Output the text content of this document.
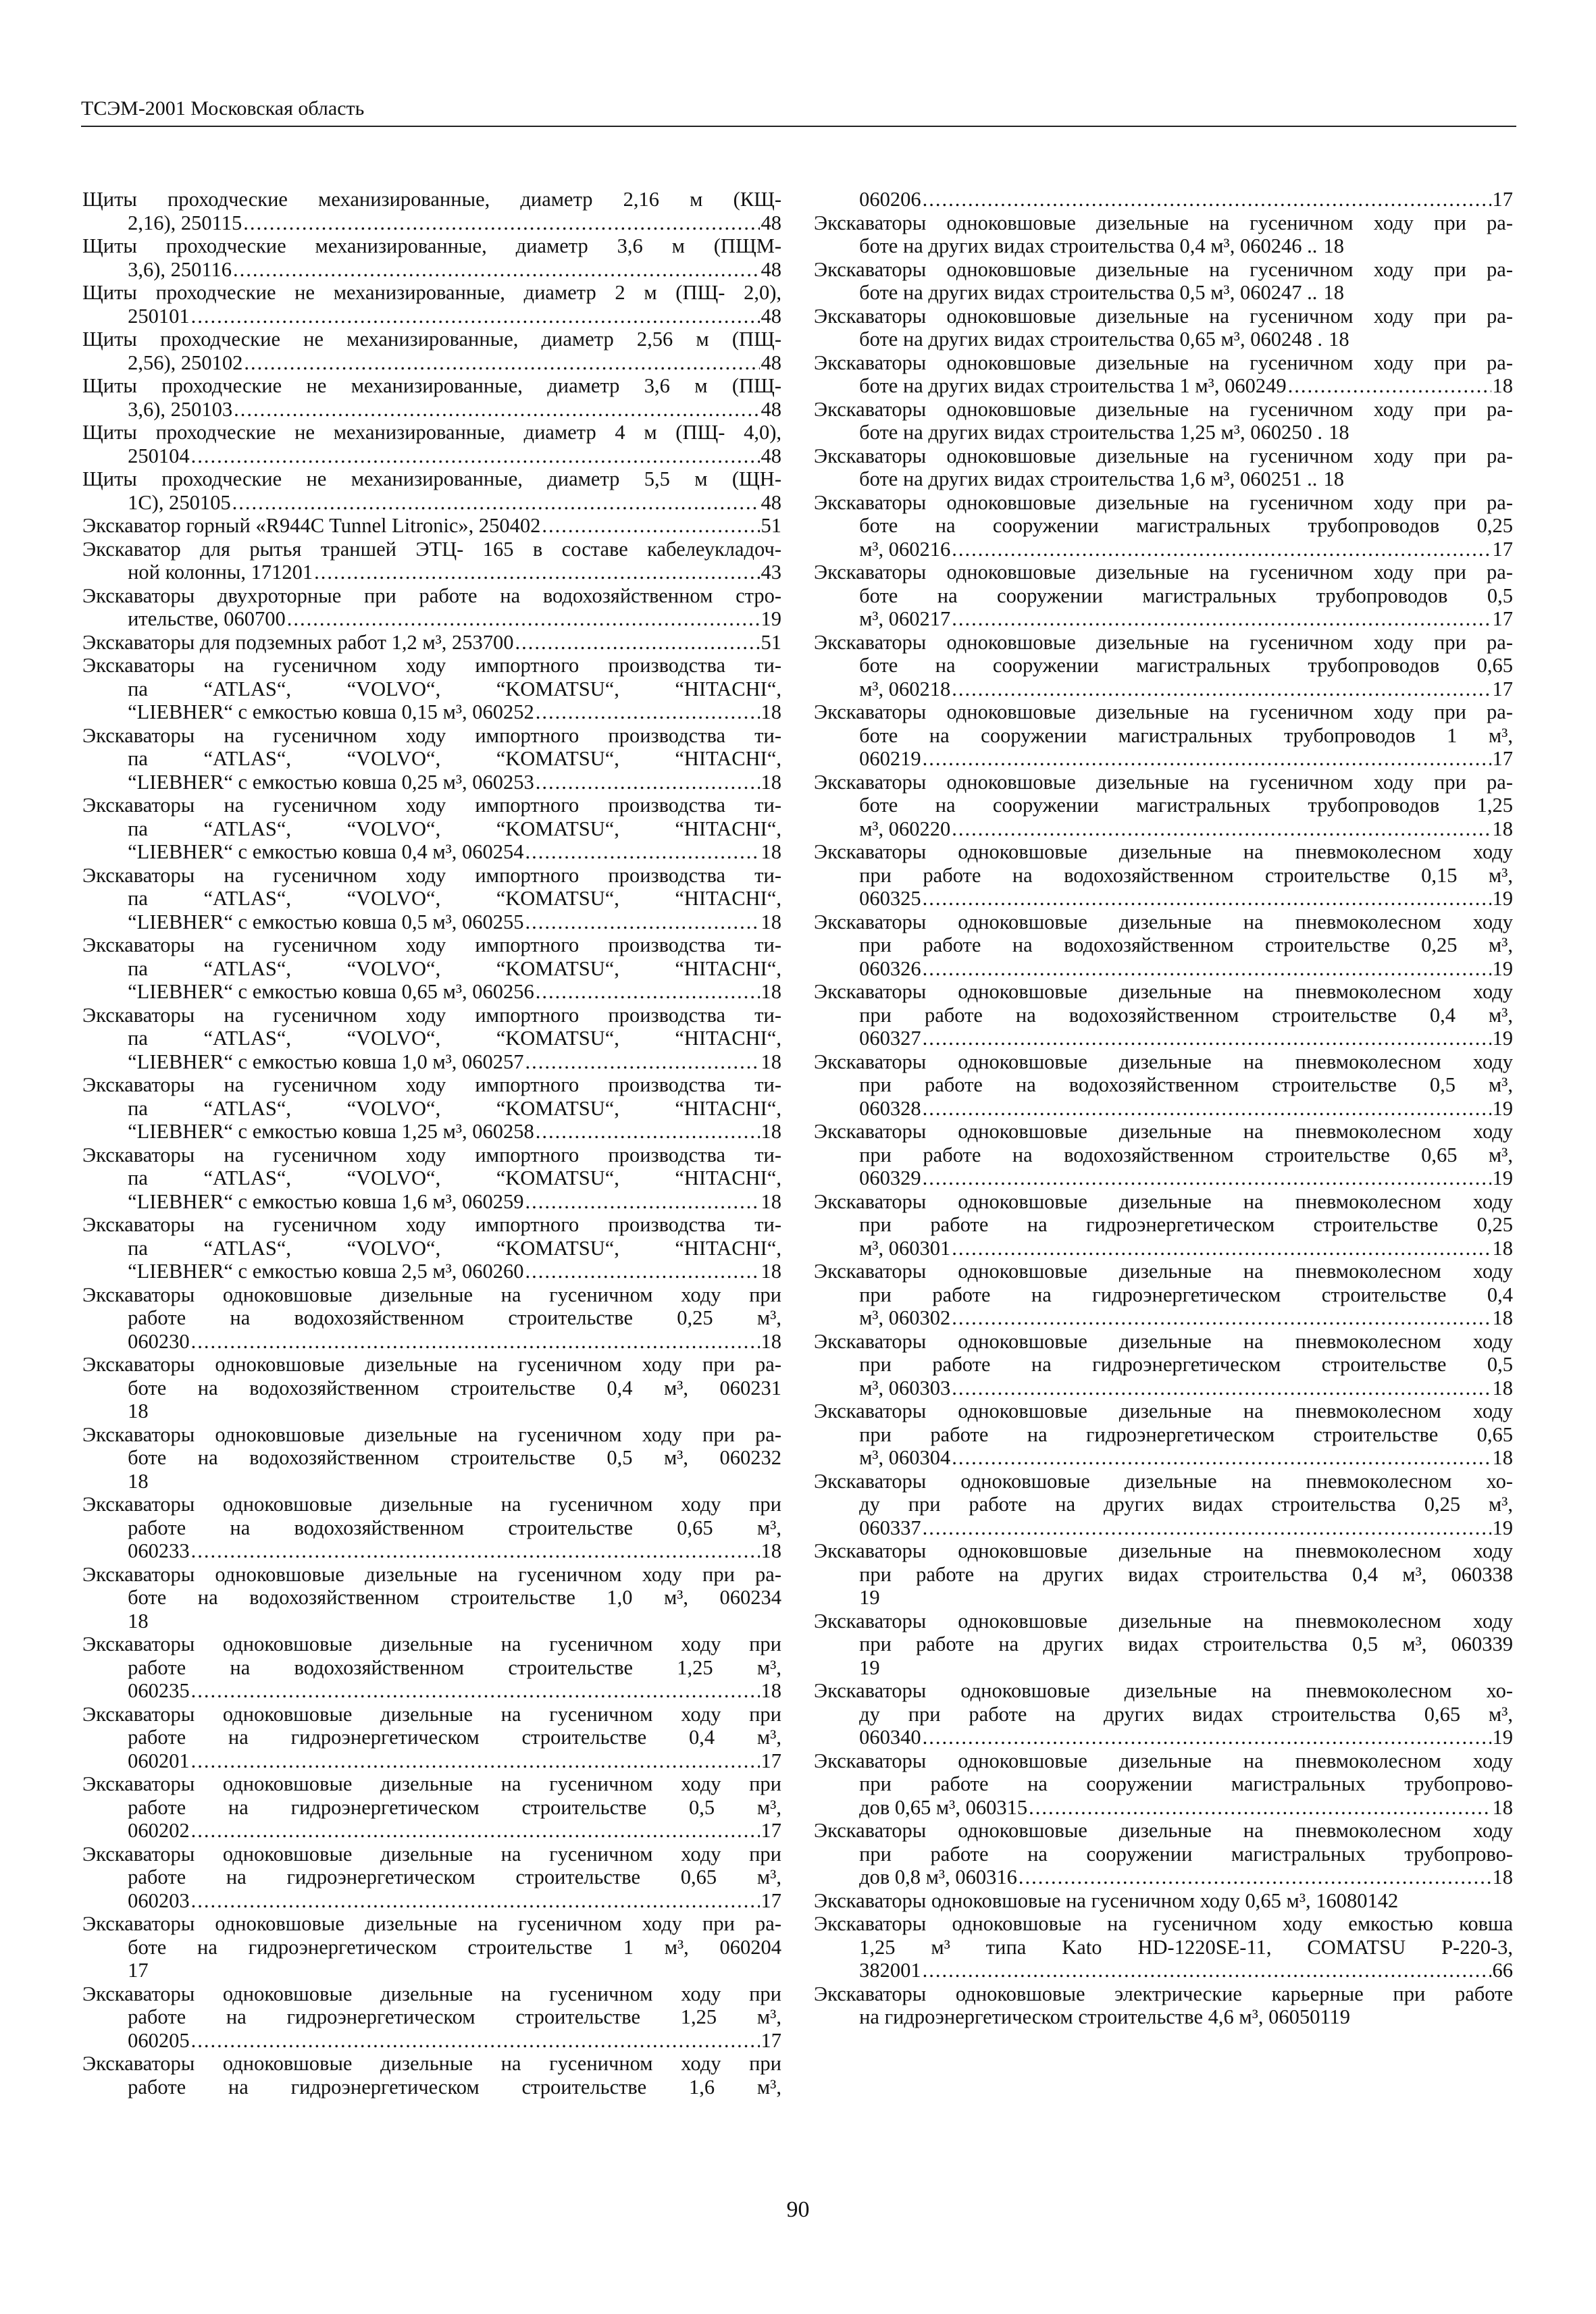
ТСЭМ-2001 Московская область
Щиты проходческие механизированные, диаметр 2,16 м (КЩ-
2,16), 250115 .....	48
Щиты проходческие механизированные, диаметр 3,6 м (ПЩМ-
3,6), 250116 .....	48
Щиты проходческие не механизированные, диаметр 2 м (ПЩ- 2,0),
250101 .....	48
Щиты проходческие не механизированные, диаметр 2,56 м (ПЩ-
2,56), 250102 .....	48
Щиты проходческие не механизированные, диаметр 3,6 м (ПЩ-
3,6), 250103 .....	48
Щиты проходческие не механизированные, диаметр 4 м (ПЩ- 4,0),
250104 .....	48
Щиты проходческие не механизированные, диаметр 5,5 м (ЩН-
1С), 250105 .....	48
Экскаватор горный «R944C Tunnel Litronic», 250402 .....	51
Экскаватор для рытья траншей ЭТЦ- 165 в составе кабелеукладоч-
ной колонны, 171201 .....	43
Экскаваторы двухроторные при работе на водохозяйственном стро-
ительстве, 060700 .....	19
Экскаваторы для подземных работ 1,2 м³, 253700 .....	51
Экскаваторы на гусеничном ходу импортного производства ти-
па “ATLAS“, “VOLVO“, “KOMATSU“, “HITACHI“,
“LIEBHER“ с емкостью ковша 0,15 м³, 060252 .....	18
Экскаваторы на гусеничном ходу импортного производства ти-
па “ATLAS“, “VOLVO“, “KOMATSU“, “HITACHI“,
“LIEBHER“ с емкостью ковша 0,25 м³, 060253 .....	18
Экскаваторы на гусеничном ходу импортного производства ти-
па “ATLAS“, “VOLVO“, “KOMATSU“, “HITACHI“,
“LIEBHER“ с емкостью ковша 0,4 м³, 060254 .....	18
Экскаваторы на гусеничном ходу импортного производства ти-
па “ATLAS“, “VOLVO“, “KOMATSU“, “HITACHI“,
“LIEBHER“ с емкостью ковша 0,5 м³, 060255 .....	18
Экскаваторы на гусеничном ходу импортного производства ти-
па “ATLAS“, “VOLVO“, “KOMATSU“, “HITACHI“,
“LIEBHER“ с емкостью ковша 0,65 м³, 060256 .....	18
Экскаваторы на гусеничном ходу импортного производства ти-
па “ATLAS“, “VOLVO“, “KOMATSU“, “HITACHI“,
“LIEBHER“ с емкостью ковша 1,0 м³, 060257 .....	18
Экскаваторы на гусеничном ходу импортного производства ти-
па “ATLAS“, “VOLVO“, “KOMATSU“, “HITACHI“,
“LIEBHER“ с емкостью ковша 1,25 м³, 060258 .....	18
Экскаваторы на гусеничном ходу импортного производства ти-
па “ATLAS“, “VOLVO“, “KOMATSU“, “HITACHI“,
“LIEBHER“ с емкостью ковша 1,6 м³, 060259 .....	18
Экскаваторы на гусеничном ходу импортного производства ти-
па “ATLAS“, “VOLVO“, “KOMATSU“, “HITACHI“,
“LIEBHER“ с емкостью ковша 2,5 м³, 060260 .....	18
Экскаваторы одноковшовые дизельные на гусеничном ходу при
работе на водохозяйственном строительстве 0,25 м³,
060230 .....	18
Экскаваторы одноковшовые дизельные на гусеничном ходу при ра-
боте на водохозяйственном строительстве 0,4 м³, 060231
18
Экскаваторы одноковшовые дизельные на гусеничном ходу при ра-
боте на водохозяйственном строительстве 0,5 м³, 060232
18
Экскаваторы одноковшовые дизельные на гусеничном ходу при
работе на водохозяйственном строительстве 0,65 м³,
060233 .....	18
Экскаваторы одноковшовые дизельные на гусеничном ходу при ра-
боте на водохозяйственном строительстве 1,0 м³, 060234
18
Экскаваторы одноковшовые дизельные на гусеничном ходу при
работе на водохозяйственном строительстве 1,25 м³,
060235 .....	18
Экскаваторы одноковшовые дизельные на гусеничном ходу при
работе на гидроэнергетическом строительстве 0,4 м³,
060201 .....	17
Экскаваторы одноковшовые дизельные на гусеничном ходу при
работе на гидроэнергетическом строительстве 0,5 м³,
060202 .....	17
Экскаваторы одноковшовые дизельные на гусеничном ходу при
работе на гидроэнергетическом строительстве 0,65 м³,
060203 .....	17
Экскаваторы одноковшовые дизельные на гусеничном ходу при ра-
боте на гидроэнергетическом строительстве 1 м³, 060204
17
Экскаваторы одноковшовые дизельные на гусеничном ходу при
работе на гидроэнергетическом строительстве 1,25 м³,
060205 .....	17
Экскаваторы одноковшовые дизельные на гусеничном ходу при
работе на гидроэнергетическом строительстве 1,6 м³,
060206 .....	17
Экскаваторы одноковшовые дизельные на гусеничном ходу при ра-
боте на других видах строительства 0,4 м³, 060246 .. 18
Экскаваторы одноковшовые дизельные на гусеничном ходу при ра-
боте на других видах строительства 0,5 м³, 060247 .. 18
Экскаваторы одноковшовые дизельные на гусеничном ходу при ра-
боте на других видах строительства 0,65 м³, 060248 . 18
Экскаваторы одноковшовые дизельные на гусеничном ходу при ра-
боте на других видах строительства 1 м³, 060249 .....	18
Экскаваторы одноковшовые дизельные на гусеничном ходу при ра-
боте на других видах строительства 1,25 м³, 060250 . 18
Экскаваторы одноковшовые дизельные на гусеничном ходу при ра-
боте на других видах строительства 1,6 м³, 060251 .. 18
Экскаваторы одноковшовые дизельные на гусеничном ходу при ра-
боте на сооружении магистральных трубопроводов 0,25
м³, 060216 .....	17
Экскаваторы одноковшовые дизельные на гусеничном ходу при ра-
боте на сооружении магистральных трубопроводов 0,5
м³, 060217 .....	17
Экскаваторы одноковшовые дизельные на гусеничном ходу при ра-
боте на сооружении магистральных трубопроводов 0,65
м³, 060218 .....	17
Экскаваторы одноковшовые дизельные на гусеничном ходу при ра-
боте на сооружении магистральных трубопроводов 1 м³,
060219 .....	17
Экскаваторы одноковшовые дизельные на гусеничном ходу при ра-
боте на сооружении магистральных трубопроводов 1,25
м³, 060220 .....	18
Экскаваторы одноковшовые дизельные на пневмоколесном ходу
при работе на водохозяйственном строительстве 0,15 м³,
060325 .....	19
Экскаваторы одноковшовые дизельные на пневмоколесном ходу
при работе на водохозяйственном строительстве 0,25 м³,
060326 .....	19
Экскаваторы одноковшовые дизельные на пневмоколесном ходу
при работе на водохозяйственном строительстве 0,4 м³,
060327 .....	19
Экскаваторы одноковшовые дизельные на пневмоколесном ходу
при работе на водохозяйственном строительстве 0,5 м³,
060328 .....	19
Экскаваторы одноковшовые дизельные на пневмоколесном ходу
при работе на водохозяйственном строительстве 0,65 м³,
060329 .....	19
Экскаваторы одноковшовые дизельные на пневмоколесном ходу
при работе на гидроэнергетическом строительстве 0,25
м³, 060301 .....	18
Экскаваторы одноковшовые дизельные на пневмоколесном ходу
при работе на гидроэнергетическом строительстве 0,4
м³, 060302 .....	18
Экскаваторы одноковшовые дизельные на пневмоколесном ходу
при работе на гидроэнергетическом строительстве 0,5
м³, 060303 .....	18
Экскаваторы одноковшовые дизельные на пневмоколесном ходу
при работе на гидроэнергетическом строительстве 0,65
м³, 060304 .....	18
Экскаваторы одноковшовые дизельные на пневмоколесном хо-
ду при работе на других видах строительства 0,25 м³,
060337 .....	19
Экскаваторы одноковшовые дизельные на пневмоколесном ходу
при работе на других видах строительства 0,4 м³, 060338
19
Экскаваторы одноковшовые дизельные на пневмоколесном ходу
при работе на других видах строительства 0,5 м³, 060339
19
Экскаваторы одноковшовые дизельные на пневмоколесном хо-
ду при работе на других видах строительства 0,65 м³,
060340 .....	19
Экскаваторы одноковшовые дизельные на пневмоколесном ходу
при работе на сооружении магистральных трубопрово-
дов 0,65 м³, 060315 .....	18
Экскаваторы одноковшовые дизельные на пневмоколесном ходу
при работе на сооружении магистральных трубопрово-
дов 0,8 м³, 060316 .....	18
Экскаваторы одноковшовые на гусеничном ходу 0,65 м³, 16080142
Экскаваторы одноковшовые на гусеничном ходу емкостью ковша
1,25 м³ типа Kato HD-1220SE-11, COMATSU P-220-3,
382001 .....	66
Экскаваторы одноковшовые электрические карьерные при работе
на гидроэнергетическом строительстве 4,6 м³, 06050119
90
